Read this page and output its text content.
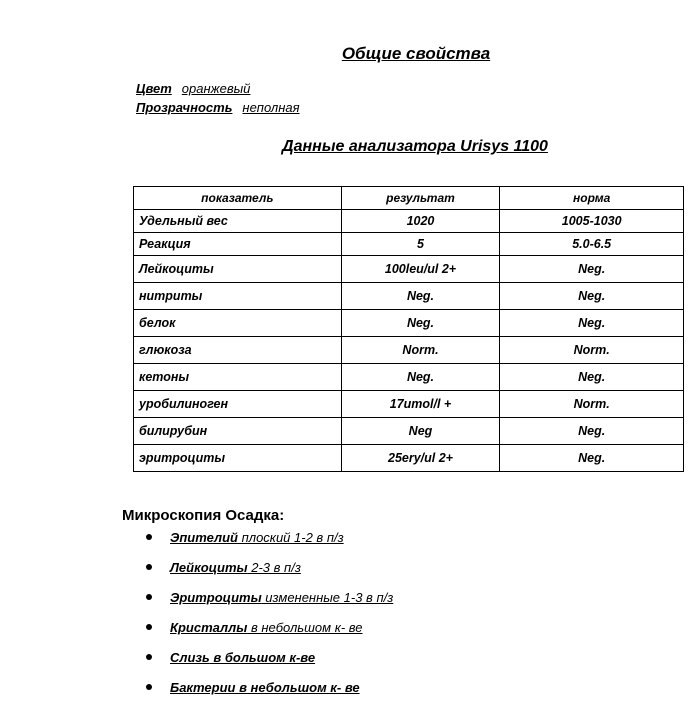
Общие свойства
Цвет оранжевый
Прозрачность неполная
Данные анализатора Urisys 1100
показатель	результат	норма
Удельный вес	1020	1005-1030
Реакция	5	5.0-6.5
Лейкоциты	100leu/ul 2+	Neg.
нитриты	Neg.	Neg.
белок	Neg.	Neg.
глюкоза	Norm.	Norm.
кетоны	Neg.	Neg.
уробилиноген	17umol/l +	Norm.
билирубин	Neg	Neg.
эритроциты	25ery/ul 2+	Neg.
Микроскопия Осадка:
Эпителий плоский 1-2 в п/з
Лейкоциты 2-3 в п/з
Эритроциты измененные 1-3 в п/з
Кристаллы в небольшом к- ве
Слизь в большом к-ве
Бактерии в небольшом к- ве
